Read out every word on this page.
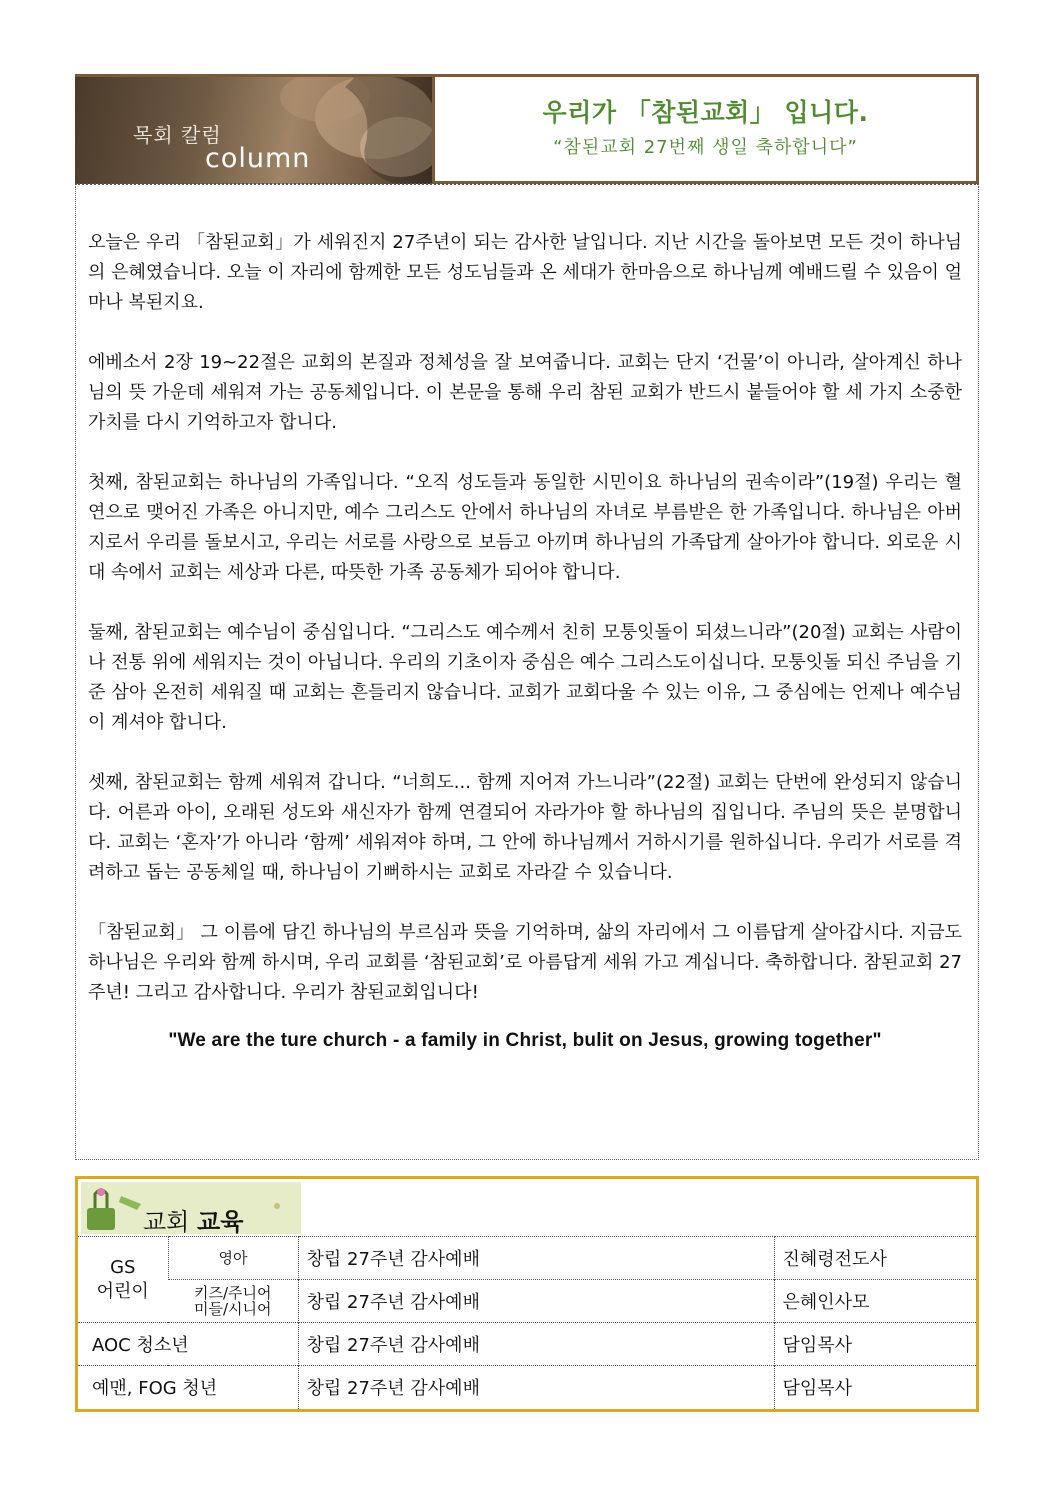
목회 칼럼
column
우리가 「참된교회」 입니다.
“참된교회 27번째 생일 축하합니다”

오늘은 우리 「참된교회」가 세워진지 27주년이 되는 감사한 날입니다. 지난 시간을 돌아보면 모든 것이 하나님의 은혜였습니다. 오늘 이 자리에 함께한 모든 성도님들과 온 세대가 한마음으로 하나님께 예배드릴 수 있음이 얼마나 복된지요.

에베소서 2장 19~22절은 교회의 본질과 정체성을 잘 보여줍니다. 교회는 단지 ‘건물’이 아니라, 살아계신 하나님의 뜻 가운데 세워져 가는 공동체입니다. 이 본문을 통해 우리 참된 교회가 반드시 붙들어야 할 세 가지 소중한 가치를 다시 기억하고자 합니다.

첫째, 참된교회는 하나님의 가족입니다. “오직 성도들과 동일한 시민이요 하나님의 권속이라”(19절) 우리는 혈연으로 맺어진 가족은 아니지만, 예수 그리스도 안에서 하나님의 자녀로 부름받은 한 가족입니다. 하나님은 아버지로서 우리를 돌보시고, 우리는 서로를 사랑으로 보듬고 아끼며 하나님의 가족답게 살아가야 합니다. 외로운 시대 속에서 교회는 세상과 다른, 따뜻한 가족 공동체가 되어야 합니다.

둘째, 참된교회는 예수님이 중심입니다. “그리스도 예수께서 친히 모퉁잇돌이 되셨느니라”(20절) 교회는 사람이나 전통 위에 세워지는 것이 아닙니다. 우리의 기초이자 중심은 예수 그리스도이십니다. 모퉁잇돌 되신 주님을 기준 삼아 온전히 세워질 때 교회는 흔들리지 않습니다. 교회가 교회다울 수 있는 이유, 그 중심에는 언제나 예수님이 계셔야 합니다.

셋째, 참된교회는 함께 세워져 갑니다. “너희도... 함께 지어져 가느니라”(22절) 교회는 단번에 완성되지 않습니다. 어른과 아이, 오래된 성도와 새신자가 함께 연결되어 자라가야 할 하나님의 집입니다. 주님의 뜻은 분명합니다. 교회는 ‘혼자’가 아니라 ‘함께’ 세워져야 하며, 그 안에 하나님께서 거하시기를 원하십니다. 우리가 서로를 격려하고 돕는 공동체일 때, 하나님이 기뻐하시는 교회로 자라갈 수 있습니다.

「참된교회」 그 이름에 담긴 하나님의 부르심과 뜻을 기억하며, 삶의 자리에서 그 이름답게 살아갑시다. 지금도 하나님은 우리와 함께 하시며, 우리 교회를 ‘참된교회’로 아름답게 세워 가고 계십니다. 축하합니다. 참된교회 27주년! 그리고 감사합니다. 우리가 참된교회입니다!

"We are the ture church - a family in Christ, bulit on Jesus, growing together"

교회 교육
GS
어린이	영아	창립 27주년 감사예배	진혜령전도사
	키즈/주니어
미들/시니어	창립 27주년 감사예배	은혜인사모
AOC 청소년		창립 27주년 감사예배	담임목사
예맨, FOG 청년		창립 27주년 감사예배	담임목사
